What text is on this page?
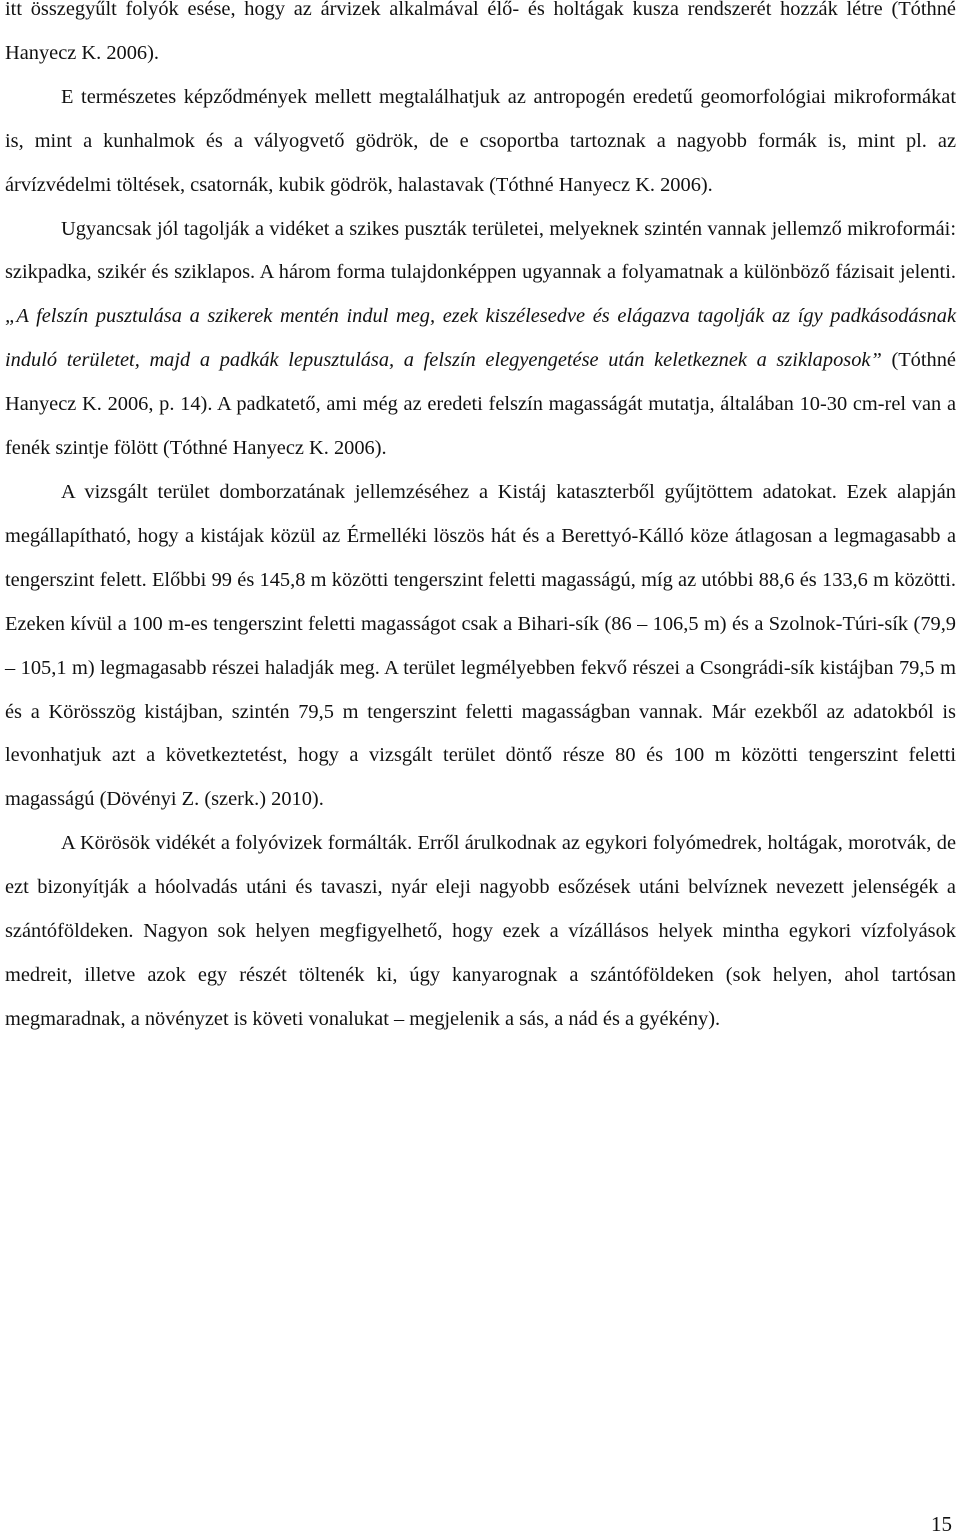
itt összegyűlt folyók esése, hogy az árvizek alkalmával élő- és holtágak kusza rendszerét hozzák létre (Tóthné Hanyecz K. 2006).

E természetes képződmények mellett megtalálhatjuk az antropogén eredetű geomorfológiai mikroformákat is, mint a kunhalmok és a vályogvető gödrök, de e csoportba tartoznak a nagyobb formák is, mint pl. az árvízvédelmi töltések, csatornák, kubik gödrök, halastavak (Tóthné Hanyecz K. 2006).

Ugyancsak jól tagolják a vidéket a szikes puszták területei, melyeknek szintén vannak jellemző mikroformái: szikpadka, szikér és sziklapos. A három forma tulajdonképpen ugyannak a folyamatnak a különböző fázisait jelenti. „A felszín pusztulása a szikerek mentén indul meg, ezek kiszélesedve és elágazva tagolják az így padkásodásnak induló területet, majd a padkák lepusztulása, a felszín elegyengetése után keletkeznek a sziklaposok” (Tóthné Hanyecz K. 2006, p. 14). A padkatető, ami még az eredeti felszín magasságát mutatja, általában 10-30 cm-rel van a fenék szintje fölött (Tóthné Hanyecz K. 2006).

A vizsgált terület domborzatának jellemzéséhez a Kistáj kataszterből gyűjtöttem adatokat. Ezek alapján megállapítható, hogy a kistájak közül az Érmelléki löszös hát és a Berettyó-Kálló köze átlagosan a legmagasabb a tengerszint felett. Előbbi 99 és 145,8 m közötti tengerszint feletti magasságú, míg az utóbbi 88,6 és 133,6 m közötti. Ezeken kívül a 100 m-es tengerszint feletti magasságot csak a Bihari-sík (86 – 106,5 m) és a Szolnok-Túri-sík (79,9 – 105,1 m) legmagasabb részei haladják meg. A terület legmélyebben fekvő részei a Csongrádi-sík kistájban 79,5 m és a Körösszög kistájban, szintén 79,5 m tengerszint feletti magasságban vannak. Már ezekből az adatokból is levonhatjuk azt a következtetést, hogy a vizsgált terület döntő része 80 és 100 m közötti tengerszint feletti magasságú (Dövényi Z. (szerk.) 2010).

A Körösök vidékét a folyóvizek formálták. Erről árulkodnak az egykori folyómedrek, holtágak, morotvák, de ezt bizonyítják a hóolvadás utáni és tavaszi, nyár eleji nagyobb esőzések utáni belvíznek nevezett jelenségék a szántóföldeken. Nagyon sok helyen megfigyelhető, hogy ezek a vízállásos helyek mintha egykori vízfolyások medreit, illetve azok egy részét töltenék ki, úgy kanyarognak a szántóföldeken (sok helyen, ahol tartósan megmaradnak, a növényzet is követi vonalukat – megjelenik a sás, a nád és a gyékény).

15
